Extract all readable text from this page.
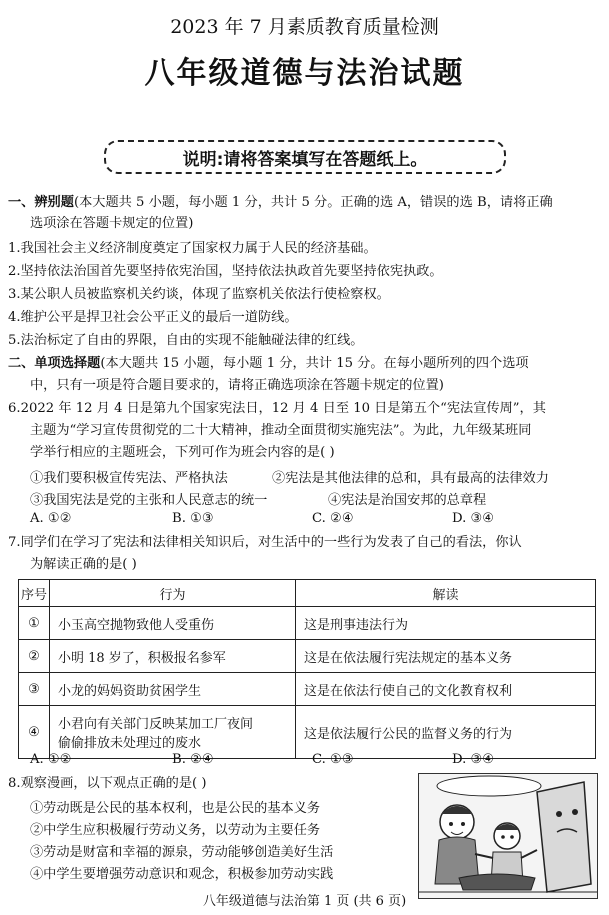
2023 年 7 月素质教育质量检测
八年级道德与法治试题
说明:请将答案填写在答题纸上。
一、辨别题(本大题共 5 小题，每小题 1 分，共计 5 分。正确的选 A，错误的选 B，请将正确
选项涂在答题卡规定的位置)
1.我国社会主义经济制度奠定了国家权力属于人民的经济基础。
2.坚持依法治国首先要坚持依宪治国，坚持依法执政首先要坚持依宪执政。
3.某公职人员被监察机关约谈，体现了监察机关依法行使检察权。
4.维护公平是捍卫社会公平正义的最后一道防线。
5.法治标定了自由的界限，自由的实现不能触碰法律的红线。
二、单项选择题(本大题共 15 小题，每小题 1 分，共计 15 分。在每小题所列的四个选项
中，只有一项是符合题目要求的，请将正确选项涂在答题卡规定的位置)
6.2022 年 12 月 4 日是第九个国家宪法日，12 月 4 日至 10 日是第五个“宪法宣传周”，其
主题为“学习宣传贯彻党的二十大精神，推动全面贯彻实施宪法”。为此，九年级某班同
学举行相应的主题班会，下列可作为班会内容的是( )
①我们要积极宣传宪法、严格执法	②宪法是其他法律的总和，具有最高的法律效力
③我国宪法是党的主张和人民意志的统一	④宪法是治国安邦的总章程
A. ①②	B. ①③	C. ②④	D. ③④
7.同学们在学习了宪法和法律相关知识后，对生活中的一些行为发表了自己的看法，你认
为解读正确的是( )
序号	行为	解读
①	小玉高空抛物致他人受重伤	这是刑事违法行为
②	小明 18 岁了，积极报名参军	这是在依法履行宪法规定的基本义务
③	小龙的妈妈资助贫困学生	这是在依法行使自己的文化教育权利
④	小君向有关部门反映某加工厂夜间
偷偷排放未处理过的废水	这是依法履行公民的监督义务的行为
A. ①②	B. ②④	C. ①③	D. ③④
8.观察漫画，以下观点正确的是( )
①劳动既是公民的基本权利，也是公民的基本义务
②中学生应积极履行劳动义务，以劳动为主要任务
③劳动是财富和幸福的源泉，劳动能够创造美好生活
④中学生要增强劳动意识和观念，积极参加劳动实践
八年级道德与法治第 1 页 (共 6 页)
